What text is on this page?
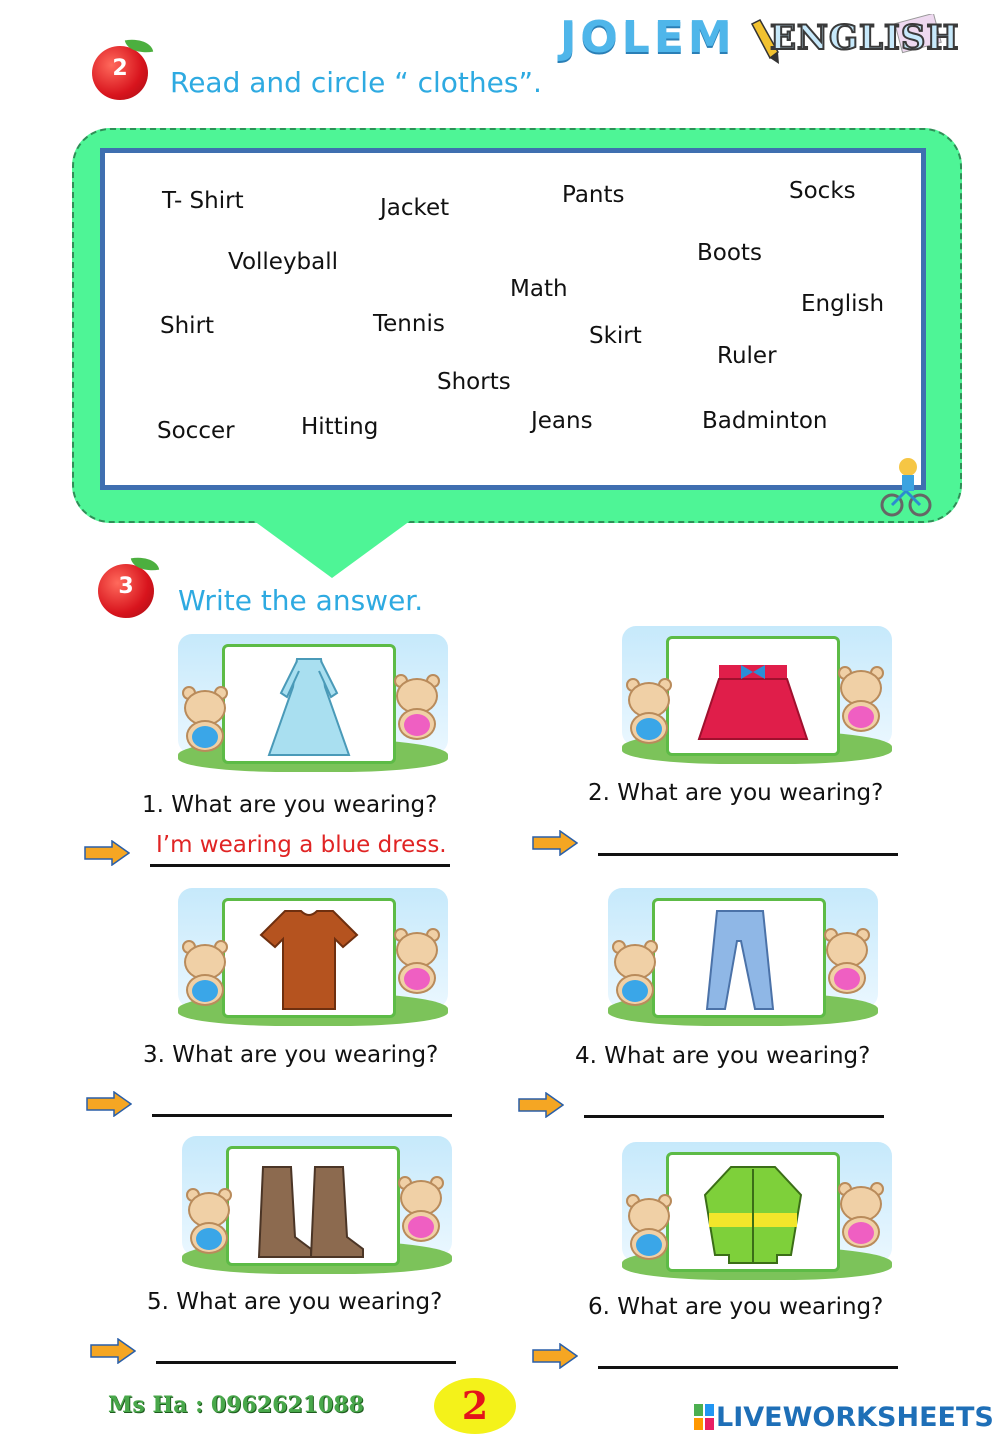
JOLEM ENGLISH
2	Read and circle “ clothes”.
T- Shirt	Jacket	Pants	Socks
Volleyball	Boots
Math
English
Shirt	Tennis	Skirt
Ruler
Shorts
Soccer	Hitting	Jeans	Badminton
3	Write the answer.
1. What are you wearing?	2. What are you wearing?
3. What are you wearing?	4. What are you wearing?
5. What are you wearing?	6. What are you wearing?
I’m wearing a blue dress.
Ms Ha : 0962621088	2	LIVEWORKSHEETS
